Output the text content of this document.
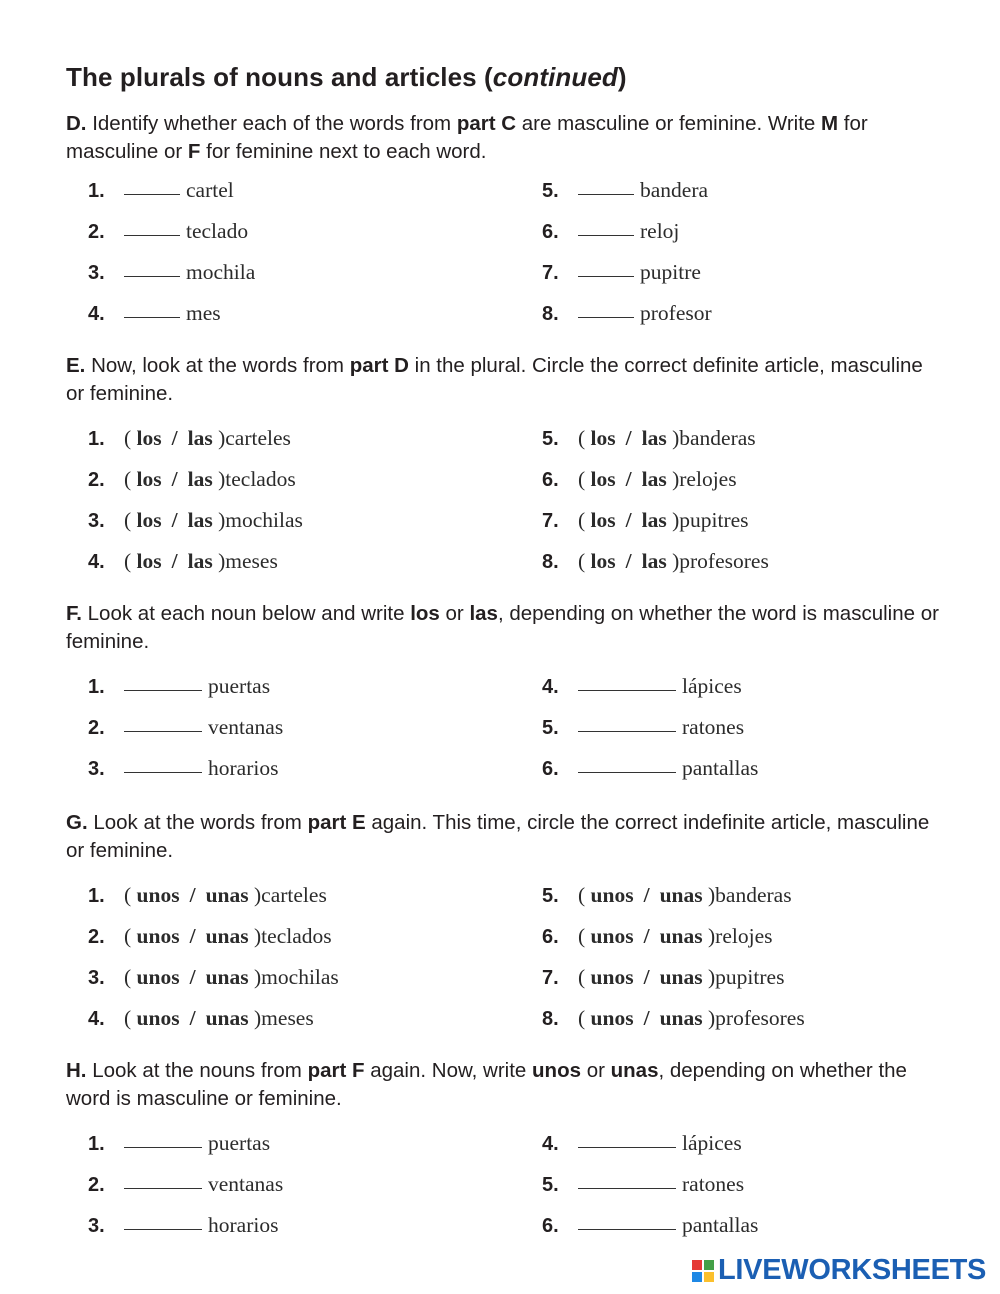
The plurals of nouns and articles (continued)
D. Identify whether each of the words from part C are masculine or feminine. Write M for masculine or F for feminine next to each word.
1.	cartel
2.	teclado
3.	mochila
4.	mes
5.	bandera
6.	reloj
7.	pupitre
8.	profesor
E. Now, look at the words from part D in the plural. Circle the correct definite article, masculine or feminine.
1. ( los / las ) carteles
2. ( los / las ) teclados
3. ( los / las ) mochilas
4. ( los / las ) meses
5. ( los / las ) banderas
6. ( los / las ) relojes
7. ( los / las ) pupitres
8. ( los / las ) profesores
F. Look at each noun below and write los or las, depending on whether the word is masculine or feminine.
1.	puertas
2.	ventanas
3.	horarios
4.	lápices
5.	ratones
6.	pantallas
G. Look at the words from part E again. This time, circle the correct indefinite article, masculine or feminine.
1. ( unos / unas ) carteles
2. ( unos / unas ) teclados
3. ( unos / unas ) mochilas
4. ( unos / unas ) meses
5. ( unos / unas ) banderas
6. ( unos / unas ) relojes
7. ( unos / unas ) pupitres
8. ( unos / unas ) profesores
H. Look at the nouns from part F again. Now, write unos or unas, depending on whether the word is masculine or feminine.
1.	puertas
2.	ventanas
3.	horarios
4.	lápices
5.	ratones
6.	pantallas
LIVEWORKSHEETS
